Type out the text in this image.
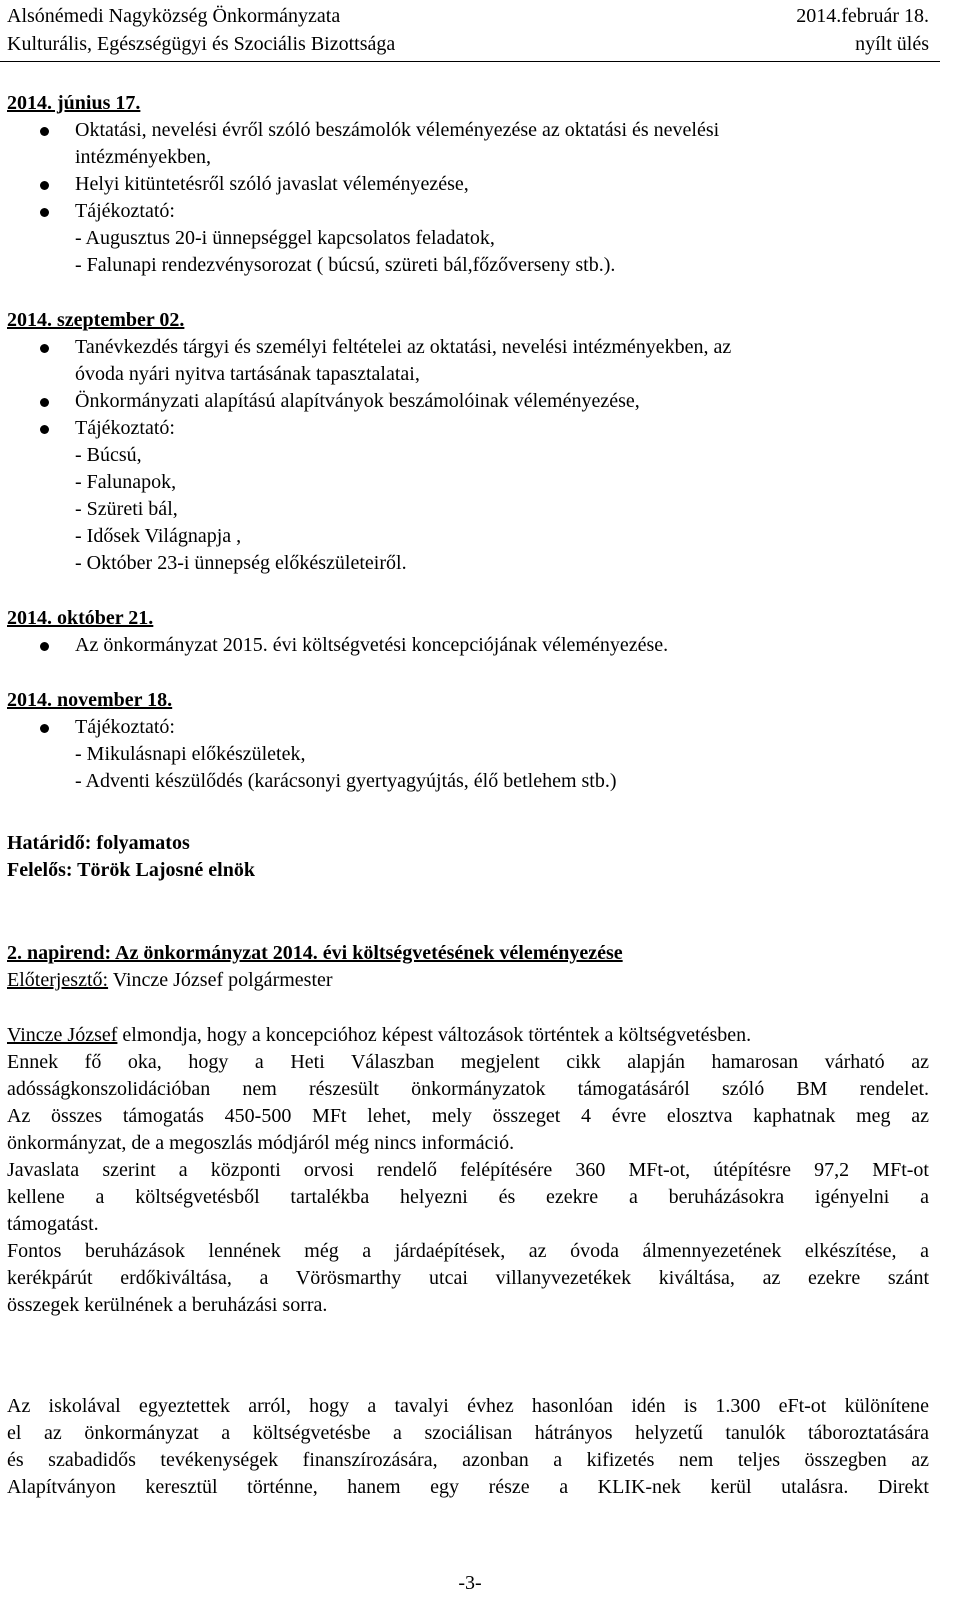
Alsónémedi Nagyközség Önkormányzata	2014.február 18.
Kulturális, Egészségügyi és Szociális Bizottsága	nyílt ülés
2014. június 17.
Oktatási, nevelési évről szóló beszámolók véleményezése az oktatási és nevelési
intézményekben,
Helyi kitüntetésről szóló javaslat véleményezése,
Tájékoztató:
- Augusztus 20-i ünnepséggel kapcsolatos feladatok,
- Falunapi rendezvénysorozat ( búcsú, szüreti bál,főzőverseny stb.).
2014. szeptember 02.
Tanévkezdés tárgyi és személyi feltételei az oktatási, nevelési intézményekben, az
óvoda nyári nyitva tartásának tapasztalatai,
Önkormányzati alapítású alapítványok beszámolóinak véleményezése,
Tájékoztató:
- Búcsú,
- Falunapok,
- Szüreti bál,
- Idősek Világnapja ,
- Október 23-i ünnepség előkészületeiről.
2014. október 21.
Az önkormányzat 2015. évi költségvetési koncepciójának véleményezése.
2014. november 18.
Tájékoztató:
- Mikulásnapi előkészületek,
- Adventi készülődés (karácsonyi gyertyagyújtás, élő betlehem stb.)
Határidő: folyamatos
Felelős: Török Lajosné elnök
2. napirend: Az önkormányzat 2014. évi költségvetésének véleményezése
Előterjesztő: Vincze József polgármester
Vincze József elmondja, hogy a koncepcióhoz képest változások történtek a költségvetésben.
Ennek fő oka, hogy a Heti Válaszban megjelent cikk alapján hamarosan várható az
adósságkonszolidációban nem részesült önkormányzatok támogatásáról szóló BM rendelet.
Az összes támogatás 450-500 MFt lehet, mely összeget 4 évre elosztva kaphatnak meg az
önkormányzat, de a megoszlás módjáról még nincs információ.
Javaslata szerint a központi orvosi rendelő felépítésére 360 MFt-ot, útépítésre 97,2 MFt-ot
kellene a költségvetésből tartalékba helyezni és ezekre a beruházásokra igényelni a
támogatást.
Fontos beruházások lennének még a járdaépítések, az óvoda álmennyezetének elkészítése, a
kerékpárút erdőkiváltása, a Vörösmarthy utcai villanyvezetékek kiváltása, az ezekre szánt
összegek kerülnének a beruházási sorra.
Az iskolával egyeztettek arról, hogy a tavalyi évhez hasonlóan idén is 1.300 eFt-ot különítene
el az önkormányzat a költségvetésbe a szociálisan hátrányos helyzetű tanulók táboroztatására
és szabadidős tevékenységek finanszírozására, azonban a kifizetés nem teljes összegben az
Alapítványon keresztül történne, hanem egy része a KLIK-nek kerül utalásra. Direkt
-3-
